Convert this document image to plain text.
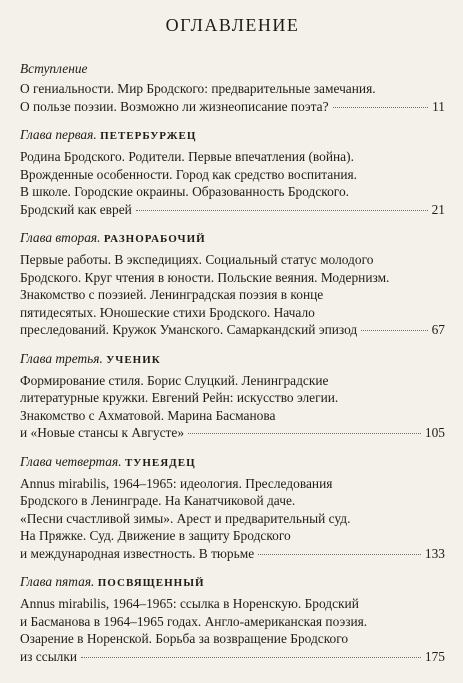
ОГЛАВЛЕНИЕ
Вступление
О гениальности. Мир Бродского: предварительные замечания.
О пользе поэзии. Возможно ли жизнеописание поэта?	11
Глава первая. ПЕТЕРБУРЖЕЦ
Родина Бродского. Родители. Первые впечатления (война).
Врожденные особенности. Город как средство воспитания.
В школе. Городские окраины. Образованность Бродского.
Бродский как еврей	21
Глава вторая. РАЗНОРАБОЧИЙ
Первые работы. В экспедициях. Социальный статус молодого
Бродского. Круг чтения в юности. Польские веяния. Модернизм.
Знакомство с поэзией. Ленинградская поэзия в конце
пятидесятых. Юношеские стихи Бродского. Начало
преследований. Кружок Уманского. Самаркандский эпизод	67
Глава третья. УЧЕНИК
Формирование стиля. Борис Слуцкий. Ленинградские
литературные кружки. Евгений Рейн: искусство элегии.
Знакомство с Ахматовой. Марина Басманова
и «Новые стансы к Августе»	105
Глава четвертая. ТУНЕЯДЕЦ
Annus mirabilis, 1964–1965: идеология. Преследования
Бродского в Ленинграде. На Канатчиковой даче.
«Песни счастливой зимы». Арест и предварительный суд.
На Пряжке. Суд. Движение в защиту Бродского
и международная известность. В тюрьме	133
Глава пятая. ПОСВЯЩЕННЫЙ
Annus mirabilis, 1964–1965: ссылка в Норенскую. Бродский
и Басманова в 1964–1965 годах. Англо-американская поэзия.
Озарение в Норенской. Борьба за возвращение Бродского
из ссылки	175
